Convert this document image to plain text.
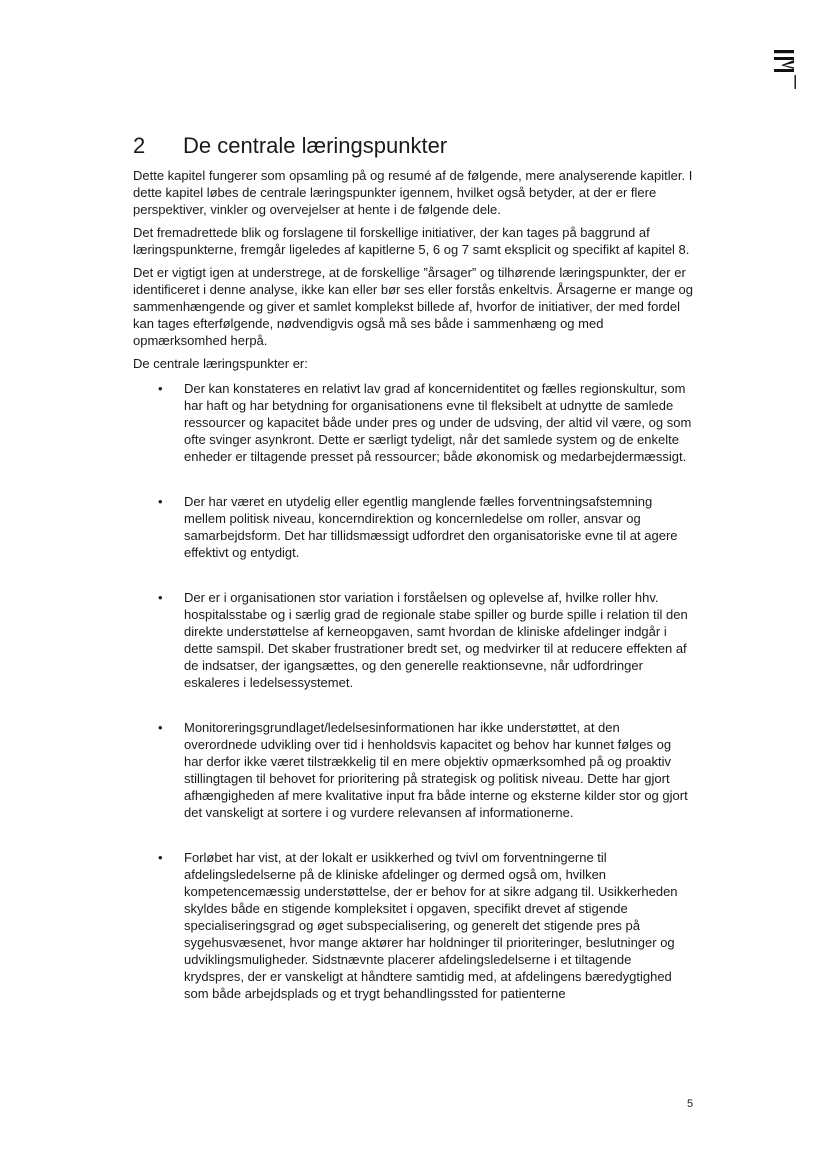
2 De centrale læringspunkter

Dette kapitel fungerer som opsamling på og resumé af de følgende, mere analyserende kapitler. I dette kapitel løbes de centrale læringspunkter igennem, hvilket også betyder, at der er flere perspektiver, vinkler og overvejelser at hente i de følgende dele.

Det fremadrettede blik og forslagene til forskellige initiativer, der kan tages på baggrund af læringspunkterne, fremgår ligeledes af kapitlerne 5, 6 og 7 samt eksplicit og specifikt af kapitel 8.

Det er vigtigt igen at understrege, at de forskellige ”årsager” og tilhørende læringspunkter, der er identificeret i denne analyse, ikke kan eller bør ses eller forstås enkeltvis. Årsagerne er mange og sammenhængende og giver et samlet komplekst billede af, hvorfor de initiativer, der med fordel kan tages efterfølgende, nødvendigvis også må ses både i sammenhæng og med opmærksomhed herpå.

De centrale læringspunkter er:

• Der kan konstateres en relativt lav grad af koncernidentitet og fælles regionskultur, som har haft og har betydning for organisationens evne til fleksibelt at udnytte de samlede ressourcer og kapacitet både under pres og under de udsving, der altid vil være, og som ofte svinger asynkront. Dette er særligt tydeligt, når det samlede system og de enkelte enheder er tiltagende presset på ressourcer; både økonomisk og medarbejdermæssigt.
• Der har været en utydelig eller egentlig manglende fælles forventningsafstemning mellem politisk niveau, koncerndirektion og koncernledelse om roller, ansvar og samarbejdsform. Det har tillidsmæssigt udfordret den organisatoriske evne til at agere effektivt og entydigt.
• Der er i organisationen stor variation i forståelsen og oplevelse af, hvilke roller hhv. hospitalsstabe og i særlig grad de regionale stabe spiller og burde spille i relation til den direkte understøttelse af kerneopgaven, samt hvordan de kliniske afdelinger indgår i dette samspil. Det skaber frustrationer bredt set, og medvirker til at reducere effekten af de indsatser, der igangsættes, og den generelle reaktionsevne, når udfordringer eskaleres i ledelsessystemet.
• Monitoreringsgrundlaget/ledelsesinformationen har ikke understøttet, at den overordnede udvikling over tid i henholdsvis kapacitet og behov har kunnet følges og har derfor ikke været tilstrækkelig til en mere objektiv opmærksomhed på og proaktiv stillingtagen til behovet for prioritering på strategisk og politisk niveau. Dette har gjort afhængigheden af mere kvalitative input fra både interne og eksterne kilder stor og gjort det vanskeligt at sortere i og vurdere relevansen af informationerne.
• Forløbet har vist, at der lokalt er usikkerhed og tvivl om forventningerne til afdelingsledelserne på de kliniske afdelinger og dermed også om, hvilken kompetencemæssig understøttelse, der er behov for at sikre adgang til. Usikkerheden skyldes både en stigende kompleksitet i opgaven, specifikt drevet af stigende specialiseringsgrad og øget subspecialisering, og generelt det stigende pres på sygehusvæsenet, hvor mange aktører har holdninger til prioriteringer, beslutninger og udviklingsmuligheder. Sidstnævnte placerer afdelingsledelserne i et tiltagende krydspres, der er vanskeligt at håndtere samtidig med, at afdelingens bæredygtighed som både arbejdsplads og et trygt behandlingssted for patienterne
5
